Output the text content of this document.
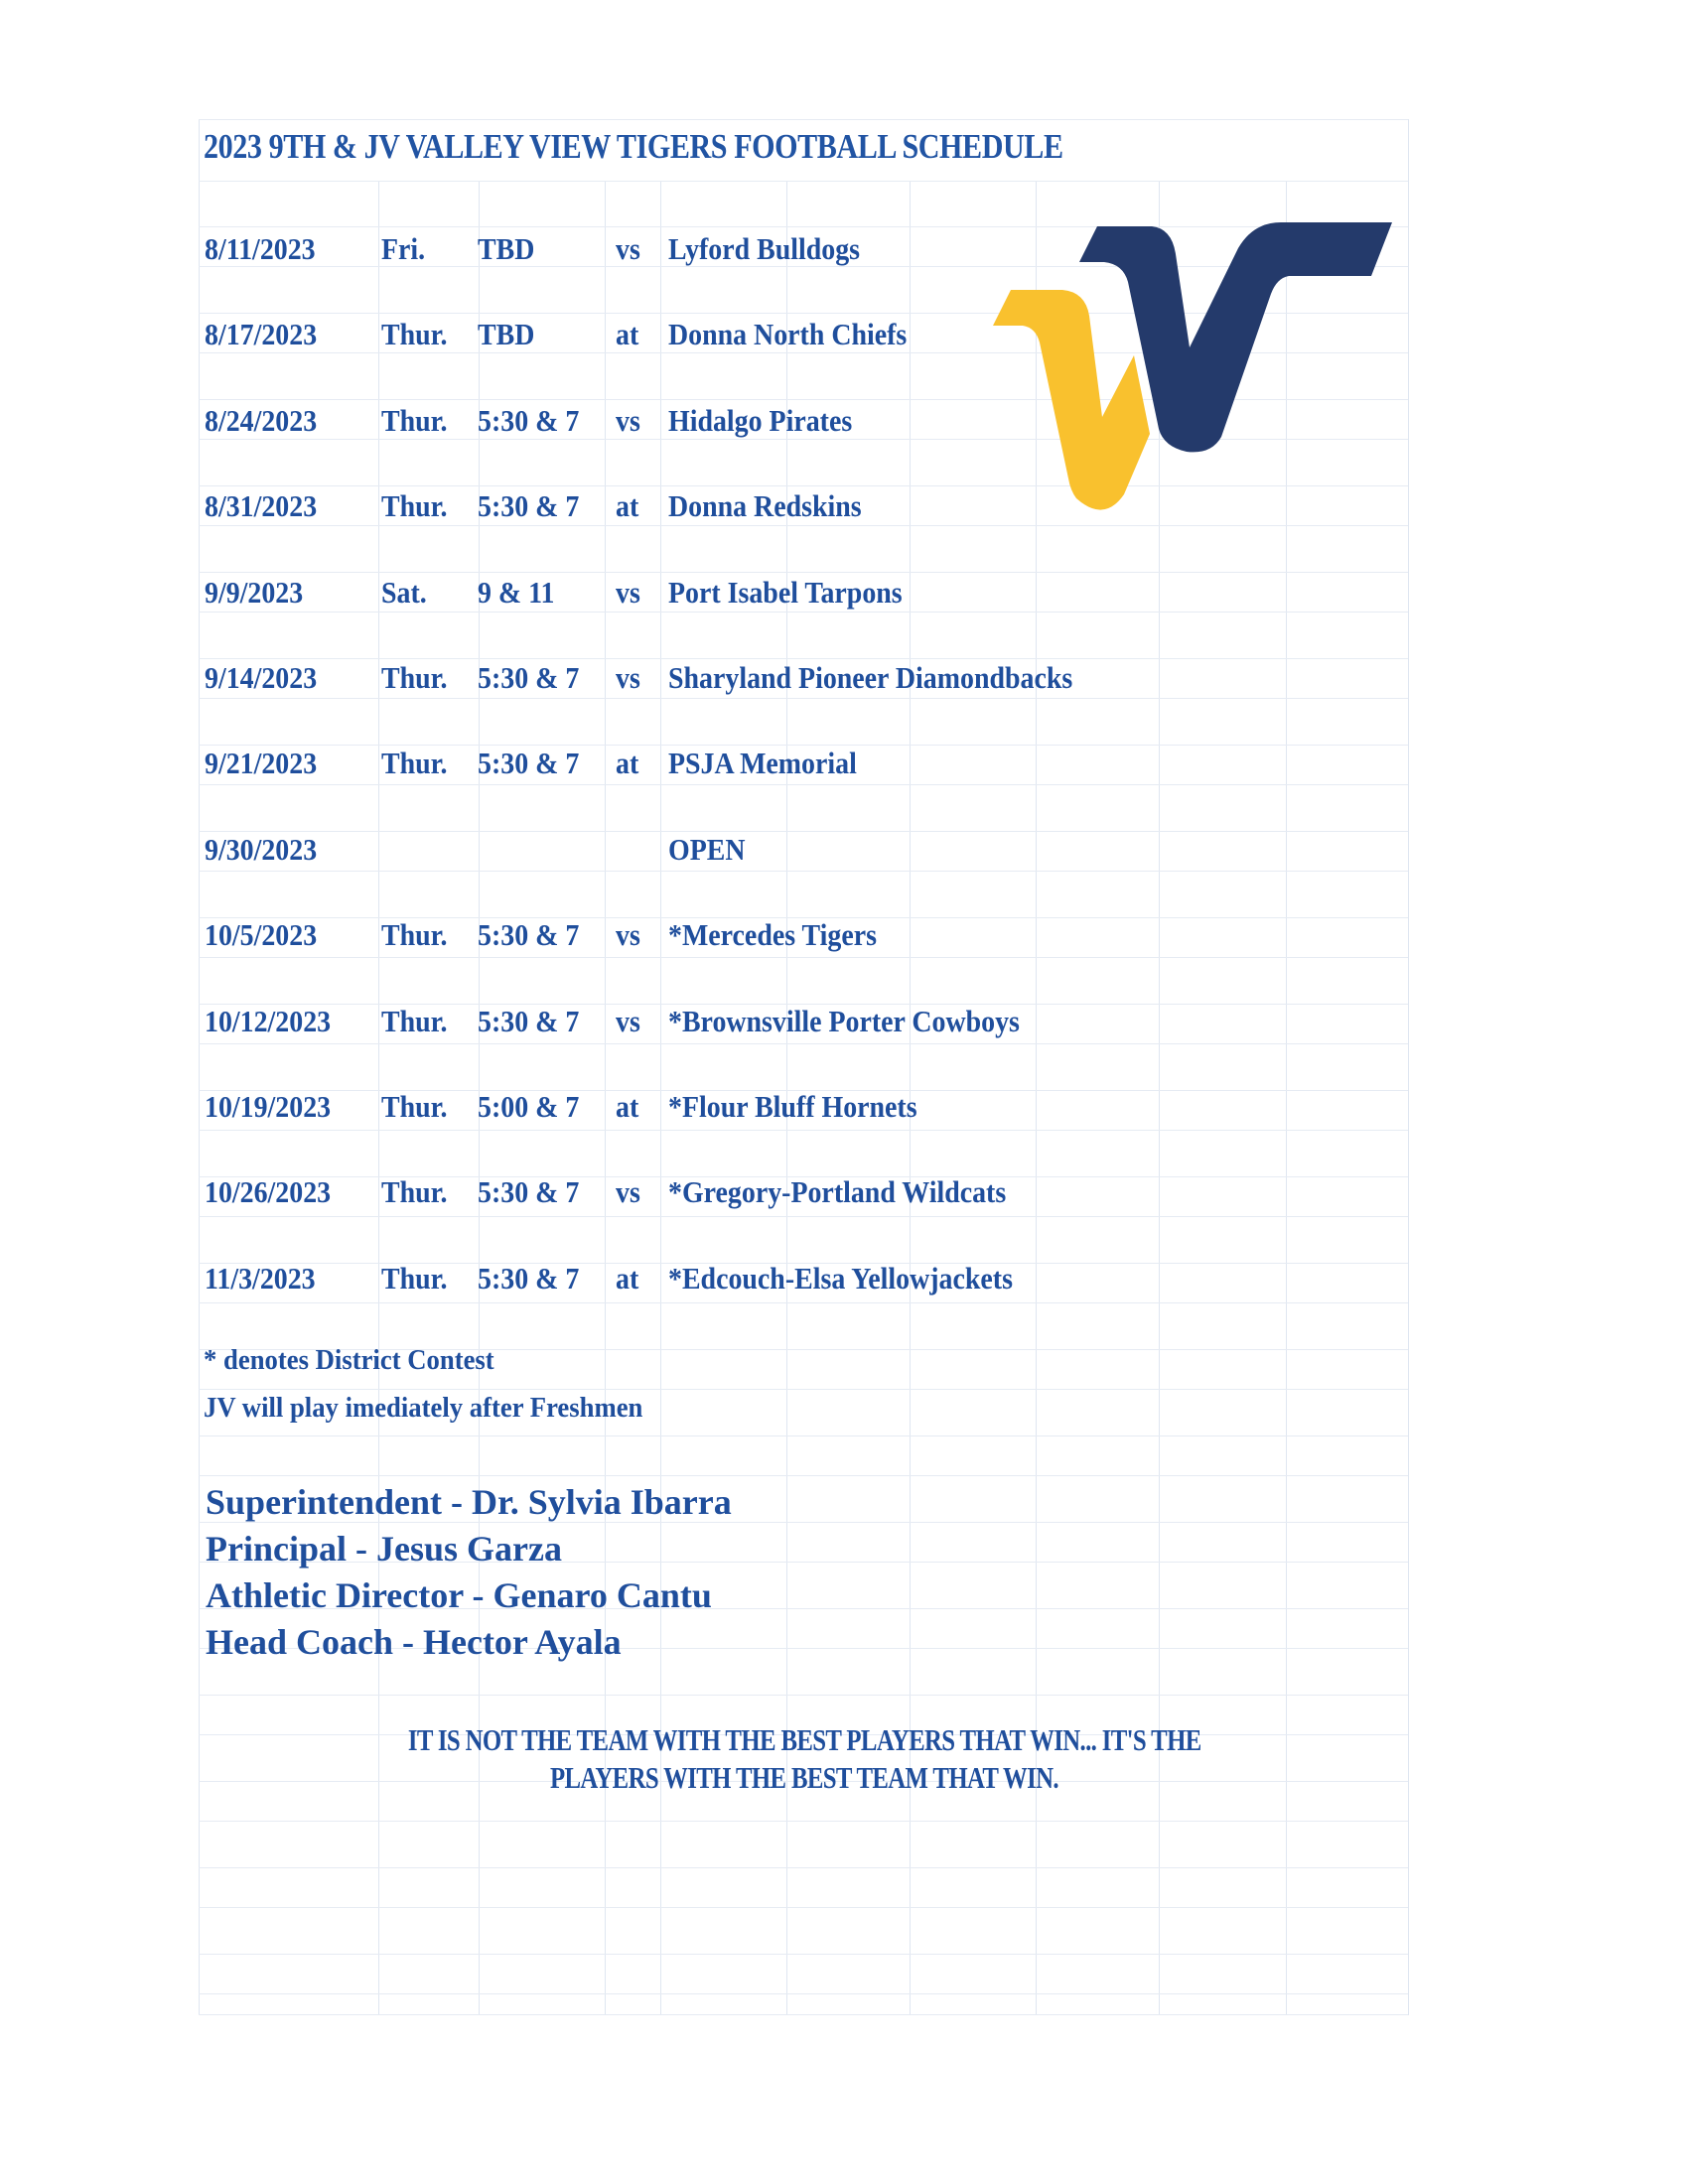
2023 9TH & JV VALLEY VIEW TIGERS FOOTBALL SCHEDULE
8/11/2023 Fri. TBD	vs Lyford Bulldogs
8/17/2023 Thur. TBD	at Donna North Chiefs
8/24/2023 Thur. 5:30 & 7 vs Hidalgo Pirates
8/31/2023 Thur. 5:30 & 7 at Donna Redskins
9/9/2023	Sat. 9 & 11 vs Port Isabel Tarpons
9/14/2023 Thur. 5:30 & 7 vs Sharyland Pioneer Diamondbacks
9/21/2023 Thur. 5:30 & 7 at PSJA Memorial
9/30/2023	OPEN
10/5/2023 Thur. 5:30 & 7 vs *Mercedes Tigers
10/12/2023 Thur. 5:30 & 7 vs *Brownsville Porter Cowboys
10/19/2023 Thur. 5:00 & 7 at *Flour Bluff Hornets
10/26/2023 Thur. 5:30 & 7 vs *Gregory-Portland Wildcats
11/3/2023 Thur. 5:30 & 7 at *Edcouch-Elsa Yellowjackets
* denotes District Contest
JV will play imediately after Freshmen
Superintendent - Dr. Sylvia Ibarra
Principal - Jesus Garza
Athletic Director - Genaro Cantu
Head Coach - Hector Ayala
IT IS NOT THE TEAM WITH THE BEST PLAYERS THAT WIN... IT'S THE
PLAYERS WITH THE BEST TEAM THAT WIN.
